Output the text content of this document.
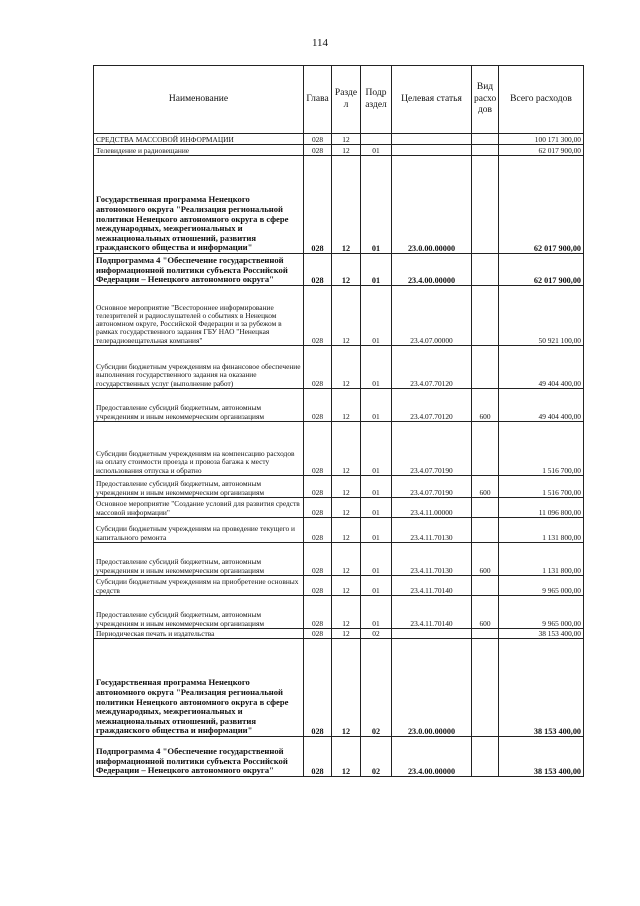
114
Наименование	Глава	Разде л	Подр аздел	Целевая статья	Вид расхо дов	Всего расходов
СРЕДСТВА МАССОВОЙ ИНФОРМАЦИИ	028	12				100 171 300,00
Телевидение и радиовещание	028	12	01			62 017 900,00
Государственная программа Ненецкого автономного округа "Реализация региональной политики Ненецкого автономного округа в сфере международных, межрегиональных и межнациональных отношений, развития гражданского общества и информации"	028	12	01	23.0.00.00000		62 017 900,00
Подпрограмма 4 "Обеспечение государственной информационной политики субъекта Российской Федерации – Ненецкого автономного округа"	028	12	01	23.4.00.00000		62 017 900,00
Основное мероприятие "Всестороннее информирование телезрителей и радиослушателей о событиях в Ненецком автономном округе, Российской Федерации и за рубежом в рамках государственного задания ГБУ НАО "Ненецкая телерадиовещательная компания"	028	12	01	23.4.07.00000		50 921 100,00
Субсидии бюджетным учреждениям на финансовое обеспечение выполнения государственного задания на оказание государственных услуг (выполнение работ)	028	12	01	23.4.07.70120		49 404 400,00
Предоставление субсидий бюджетным, автономным учреждениям и иным некоммерческим организациям	028	12	01	23.4.07.70120	600	49 404 400,00
Субсидии бюджетным учреждениям на компенсацию расходов на оплату стоимости проезда и провоза багажа к месту использования отпуска и обратно	028	12	01	23.4.07.70190		1 516 700,00
Предоставление субсидий бюджетным, автономным учреждениям и иным некоммерческим организациям	028	12	01	23.4.07.70190	600	1 516 700,00
Основное мероприятие "Создание условий для развития средств массовой информации"	028	12	01	23.4.11.00000		11 096 800,00
Субсидии бюджетным учреждениям на проведение текущего и капитального ремонта	028	12	01	23.4.11.70130		1 131 800,00
Предоставление субсидий бюджетным, автономным учреждениям и иным некоммерческим организациям	028	12	01	23.4.11.70130	600	1 131 800,00
Субсидии бюджетным учреждениям на приобретение основных средств	028	12	01	23.4.11.70140		9 965 000,00
Предоставление субсидий бюджетным, автономным учреждениям и иным некоммерческим организациям	028	12	01	23.4.11.70140	600	9 965 000,00
Периодическая печать и издательства	028	12	02			38 153 400,00
Государственная программа Ненецкого автономного округа "Реализация региональной политики Ненецкого автономного округа в сфере международных, межрегиональных и межнациональных отношений, развития гражданского общества и информации"	028	12	02	23.0.00.00000		38 153 400,00
Подпрограмма 4 "Обеспечение государственной информационной политики субъекта Российской Федерации – Ненецкого автономного округа"	028	12	02	23.4.00.00000		38 153 400,00
